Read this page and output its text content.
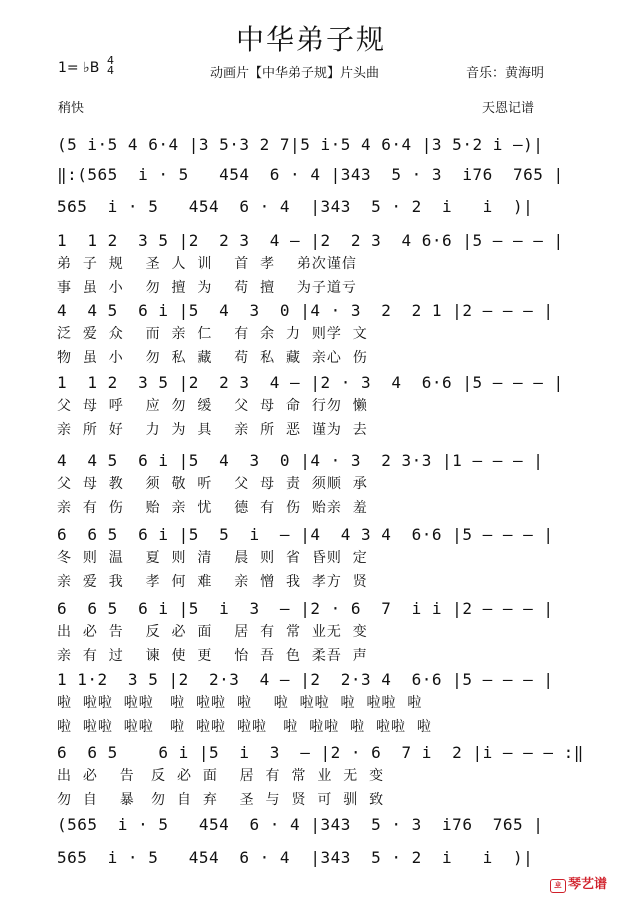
中华弟子规
1= ♭B 4
4	动画片【中华弟子规】片头曲	音乐：黄海明
稍快	天恩记谱
(5 i·5 4 6·4 |3 5·3 2 7|5 i·5 4 6·4 |3 5·2 i –)|
‖:(565  i · 5   454  6 · 4 |343  5 · 3  i76  765 |
565  i · 5   454  6 · 4  |343  5 · 2  i   i  )|
1  1 2  3 5 |2  2 3  4 – |2  2 3  4 6·6 |5 – – – |
弟  子  规    圣  人  训    首  孝    弟次谨信
事  虽  小    勿  擅  为    苟  擅    为子道亏
4  4 5  6 i |5  4  3  0 |4 · 3  2  2 1 |2 – – – |
泛  爱  众    而  亲  仁    有  余  力  则学  文
物  虽  小    勿  私  藏    苟  私  藏  亲心  伤
1  1 2  3 5 |2  2 3  4 – |2 · 3  4  6·6 |5 – – – |
父  母  呼    应  勿  缓    父  母  命  行勿  懒
亲  所  好    力  为  具    亲  所  恶  谨为  去
4  4 5  6 i |5  4  3  0 |4 · 3  2 3·3 |1 – – – |
父  母  教    须  敬  听    父  母  责  须顺  承
亲  有  伤    贻  亲  忧    德  有  伤  贻亲  羞
6  6 5  6 i |5  5  i  – |4  4 3 4  6·6 |5 – – – |
冬  则  温    夏  则  清    晨  则  省  昏则  定
亲  爱  我    孝  何  难    亲  憎  我  孝方  贤
6  6 5  6 i |5  i  3  – |2 · 6  7  i i |2 – – – |
出  必  告    反  必  面    居  有  常  业无  变
亲  有  过    谏  使  更    怡  吾  色  柔吾  声
1 1·2  3 5 |2  2·3  4 – |2  2·3 4  6·6 |5 – – – |
啦  啦啦  啦啦   啦  啦啦  啦    啦  啦啦  啦  啦啦  啦
啦  啦啦  啦啦   啦  啦啦  啦啦   啦  啦啦  啦  啦啦  啦
6  6 5    6 i |5  i  3  – |2 · 6  7 i  2 |i – – – :‖
出  必    告   反  必  面    居  有  常  业  无  变
勿  自    暴   勿  自  弃    圣  与  贤  可  驯  致
(565  i · 5   454  6 · 4 |343  5 · 3  i76  765 |
565  i · 5   454  6 · 4  |343  5 · 2  i   i  )|
ㄓ 琴艺谱
